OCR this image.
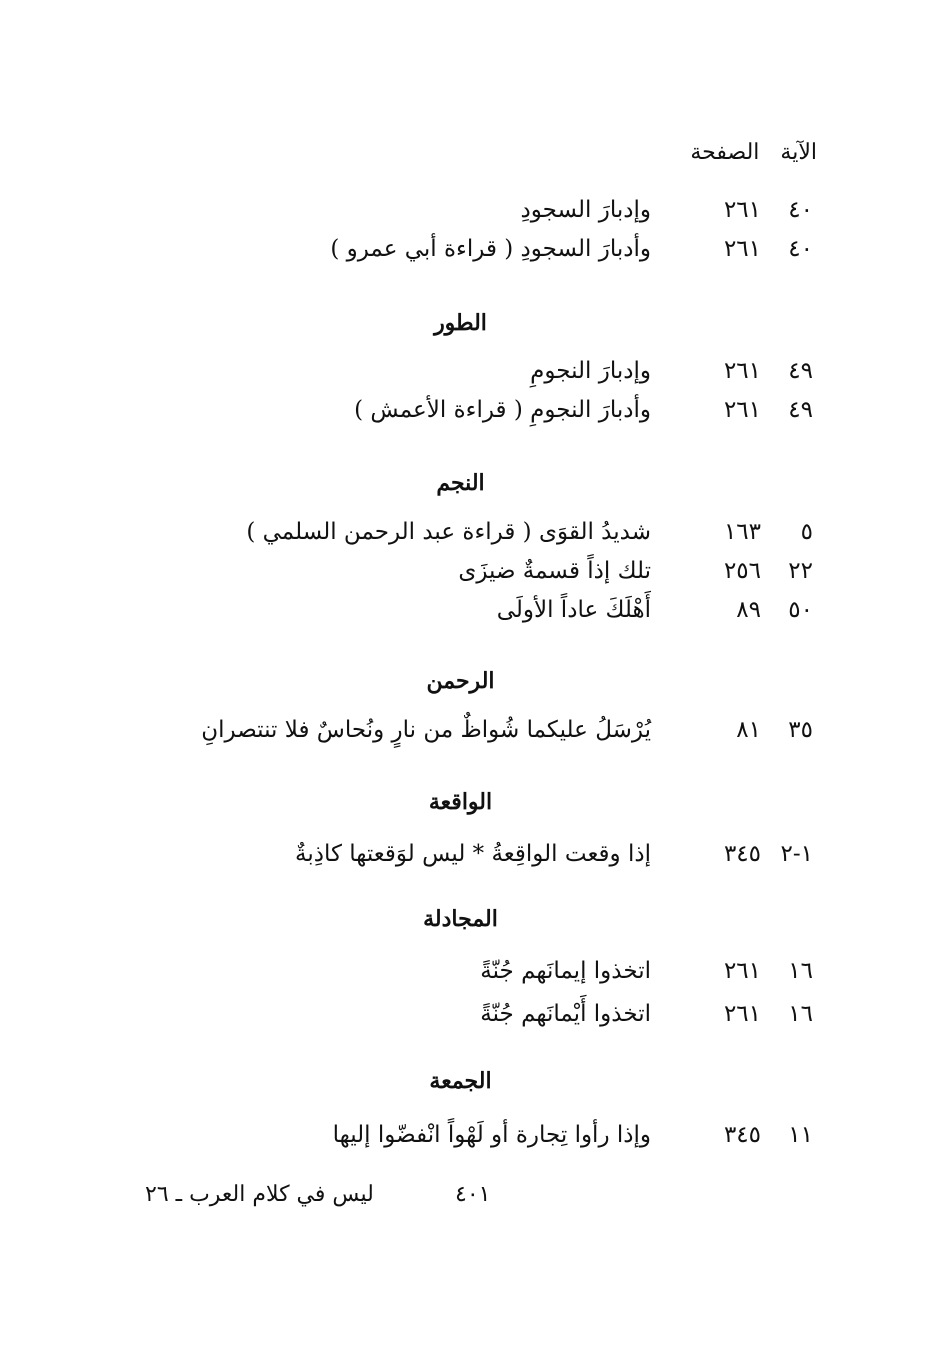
الآية الصفحة
٤٠
٢٦١
وإدبارَ السجودِ
٤٠
٢٦١
وأدبارَ السجودِ ( قراءة أبي عمرو )
الطور
٤٩
٢٦١
وإدبارَ النجومِ
٤٩
٢٦١
وأدبارَ النجومِ ( قراءة الأعمش )
النجم
٥
١٦٣
شديدُ القوَى ( قراءة عبد الرحمن السلمي )
٢٢
٢٥٦
تلك إذاً قسمةٌ ضيزَى
٥٠
٨٩
أَهْلَكَ عاداً الأولَى
الرحمن
٣٥
٨١
يُرْسَلُ عليكما شُواظٌ من نارٍ ونُحاسٌ فلا تنتصرانِ
الواقعة
١-٢
٣٤٥
إذا وقعت الواقِعةُ * ليس لوَقعتها كاذِبةٌ
المجادلة
١٦
٢٦١
اتخذوا إيمانَهم جُنّةً
١٦
٢٦١
اتخذوا أَيْمانَهم جُنّةً
الجمعة
١١
٣٤٥
وإذا رأوا تِجارة أو لَهْواً انْفضّوا إليها
٤٠١
ليس في كلام العرب ـ ٢٦
